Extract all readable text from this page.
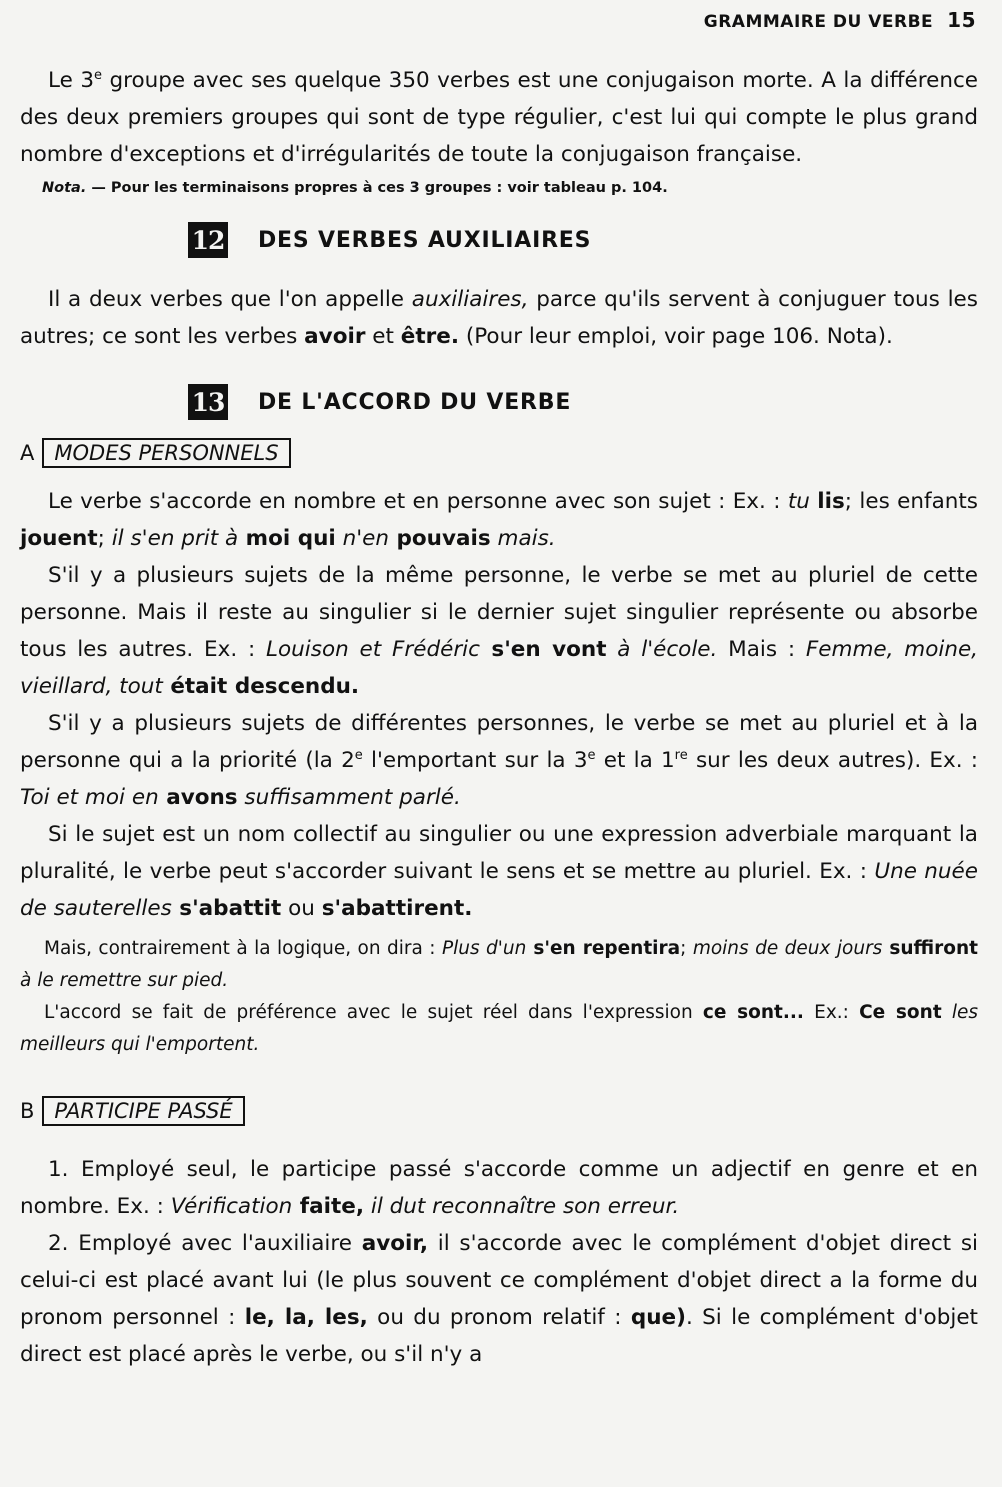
GRAMMAIRE DU VERBE 15

Le 3e groupe avec ses quelque 350 verbes est une conjugaison morte. A la différence des deux premiers groupes qui sont de type régulier, c'est lui qui compte le plus grand nombre d'exceptions et d'irrégularités de toute la conjugaison française.

Nota. — Pour les terminaisons propres à ces 3 groupes : voir tableau p. 104.

12 DES VERBES AUXILIAIRES

Il a deux verbes que l'on appelle auxiliaires, parce qu'ils servent à conjuguer tous les autres; ce sont les verbes avoir et être. (Pour leur emploi, voir page 106. Nota).

13 DE L'ACCORD DU VERBE
A MODES PERSONNELS

Le verbe s'accorde en nombre et en personne avec son sujet : Ex. : tu lis; les enfants jouent; il s'en prit à moi qui n'en pouvais mais.

S'il y a plusieurs sujets de la même personne, le verbe se met au pluriel de cette personne. Mais il reste au singulier si le dernier sujet singulier représente ou absorbe tous les autres. Ex. : Louison et Frédéric s'en vont à l'école. Mais : Femme, moine, vieillard, tout était descendu.

S'il y a plusieurs sujets de différentes personnes, le verbe se met au pluriel et à la personne qui a la priorité (la 2e l'emportant sur la 3e et la 1re sur les deux autres). Ex. : Toi et moi en avons suffisamment parlé.

Si le sujet est un nom collectif au singulier ou une expression adverbiale marquant la pluralité, le verbe peut s'accorder suivant le sens et se mettre au pluriel. Ex. : Une nuée de sauterelles s'abattit ou s'abattirent.

Mais, contrairement à la logique, on dira : Plus d'un s'en repentira; moins de deux jours suffiront à le remettre sur pied.

L'accord se fait de préférence avec le sujet réel dans l'expression ce sont... Ex.: Ce sont les meilleurs qui l'emportent.

B PARTICIPE PASSÉ

1. Employé seul, le participe passé s'accorde comme un adjectif en genre et en nombre. Ex. : Vérification faite, il dut reconnaître son erreur.

2. Employé avec l'auxiliaire avoir, il s'accorde avec le complément d'objet direct si celui-ci est placé avant lui (le plus souvent ce complément d'objet direct a la forme du pronom personnel : le, la, les, ou du pronom relatif : que). Si le complément d'objet direct est placé après le verbe, ou s'il n'y a
